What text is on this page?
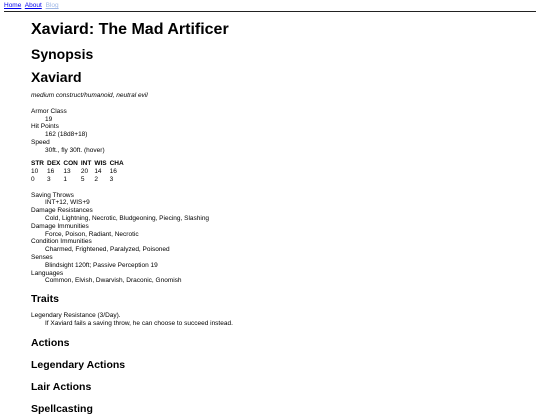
Home About Blog
Xaviard: The Mad Artificer
Synopsis
Xaviard
medium construct/humanoid, neutral evil
Armor Class
19
Hit Points
162 (18d8+18)
Speed
30ft., fly 30ft. (hover)
STR	DEX	CON	INT	WIS	CHA
10	16	13	20	14	16
0	3	1	5	2	3
Saving Throws
INT+12, WIS+9
Damage Resistances
Cold, Lightning, Necrotic, Bludgeoning, Piecing, Slashing
Damage Immunities
Force, Poison, Radiant, Necrotic
Condition Immunities
Charmed, Frightened, Paralyzed, Poisoned
Senses
Blindsight 120ft; Passive Perception 19
Languages
Common, Elvish, Dwarvish, Draconic, Gnomish
Traits
Legendary Resistance (3/Day).
If Xaviard fails a saving throw, he can choose to succeed instead.
Actions
Legendary Actions
Lair Actions
Spellcasting
